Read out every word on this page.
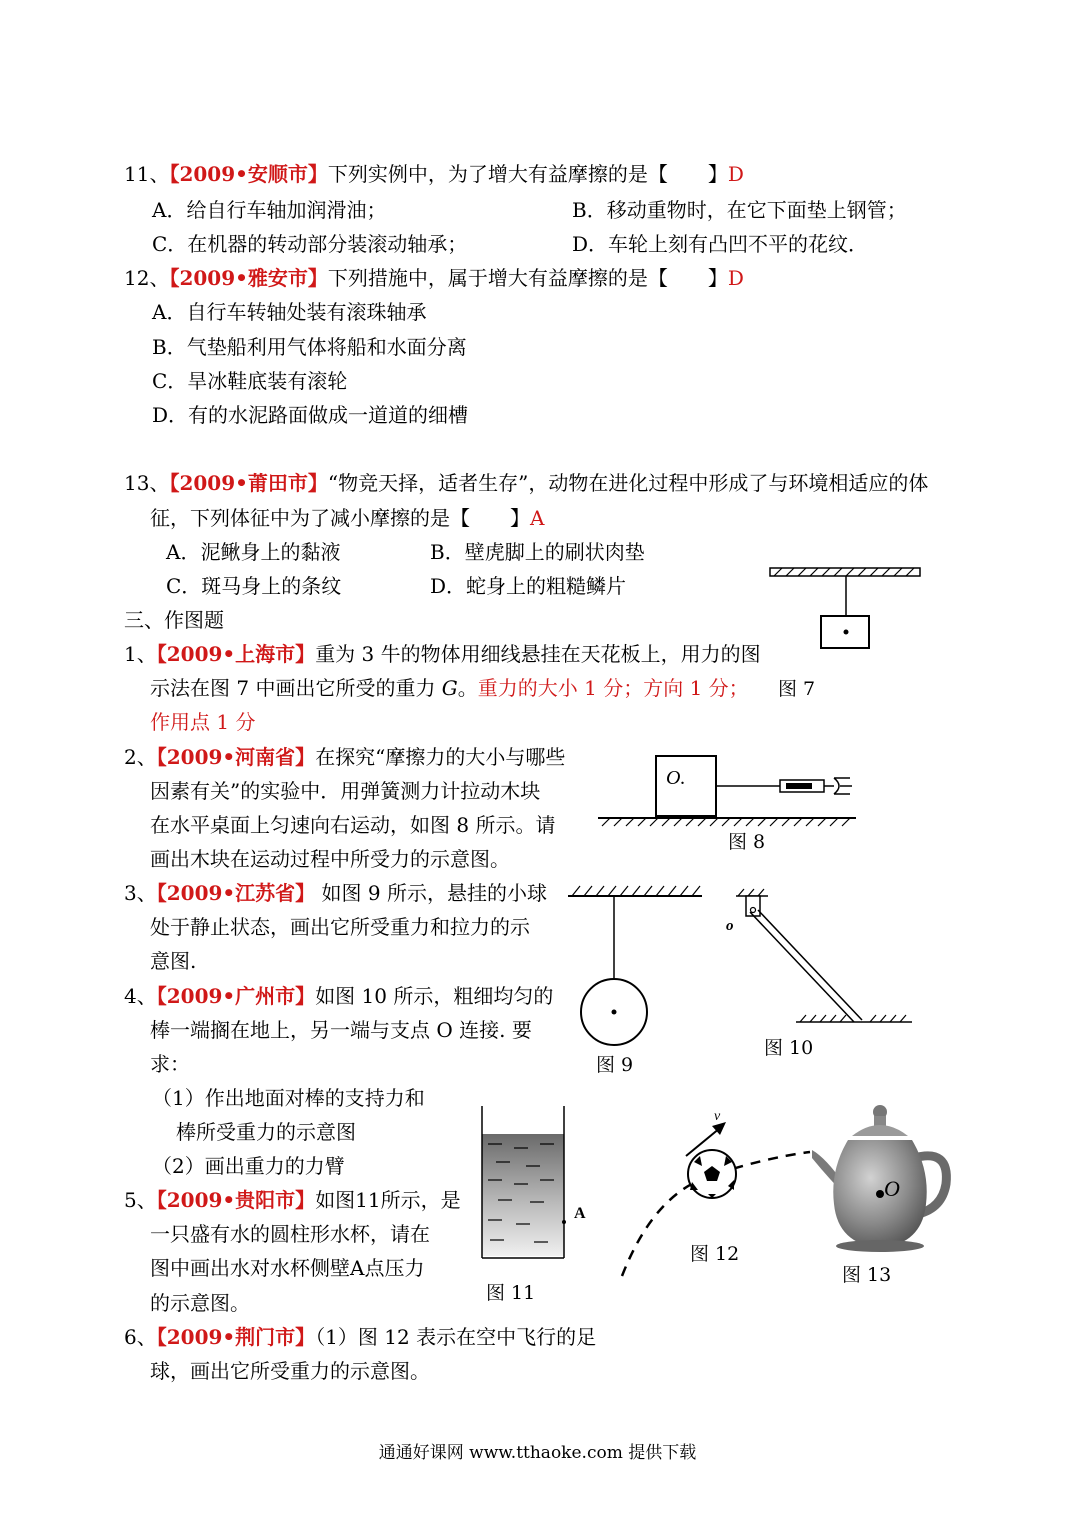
11、【2009•安顺市】下列实例中，为了增大有益摩擦的是【　　】D
A．给自行车轴加润滑油；	B．移动重物时，在它下面垫上钢管；
C．在机器的转动部分装滚动轴承；	D．车轮上刻有凸凹不平的花纹．
12、【2009•雅安市】下列措施中，属于增大有益摩擦的是【　　】D
A．自行车转轴处装有滚珠轴承
B．气垫船利用气体将船和水面分离
C．旱冰鞋底装有滚轮
D．有的水泥路面做成一道道的细槽
13、【2009•莆田市】“物竞天择，适者生存”，动物在进化过程中形成了与环境相适应的体
征，下列体征中为了减小摩擦的是【　　】A
A．泥鳅身上的黏液	B．壁虎脚上的刷状肉垫
C．斑马身上的条纹	D．蛇身上的粗糙鳞片
三、作图题
1、【2009•上海市】重为 3 牛的物体用细线悬挂在天花板上，用力的图
示法在图 7 中画出它所受的重力 G。重力的大小 1 分；方向 1 分；
作用点 1 分
2、【2009•河南省】在探究“摩擦力的大小与哪些
因素有关”的实验中．用弹簧测力计拉动木块
在水平桌面上匀速向右运动，如图 8 所示。请
画出木块在运动过程中所受力的示意图。
3、【2009•江苏省】 如图 9 所示，悬挂的小球
处于静止状态，画出它所受重力和拉力的示
意图.
4、【2009•广州市】如图 10 所示，粗细均匀的
棒一端搁在地上，另一端与支点 O 连接. 要
求：
（1）作出地面对棒的支持力和
棒所受重力的示意图
（2）画出重力的力臂
5、【2009•贵阳市】如图11所示，是
一只盛有水的圆柱形水杯，请在
图中画出水对水杯侧壁A点压力
的示意图。
6、【2009•荆门市】（1）图 12 表示在空中飞行的足
球，画出它所受重力的示意图。
图 7
O.
图 8
图 9
o
图 10
A
图 11
v
图 12
O
图 13
通通好课网 www.tthaoke.com 提供下载
